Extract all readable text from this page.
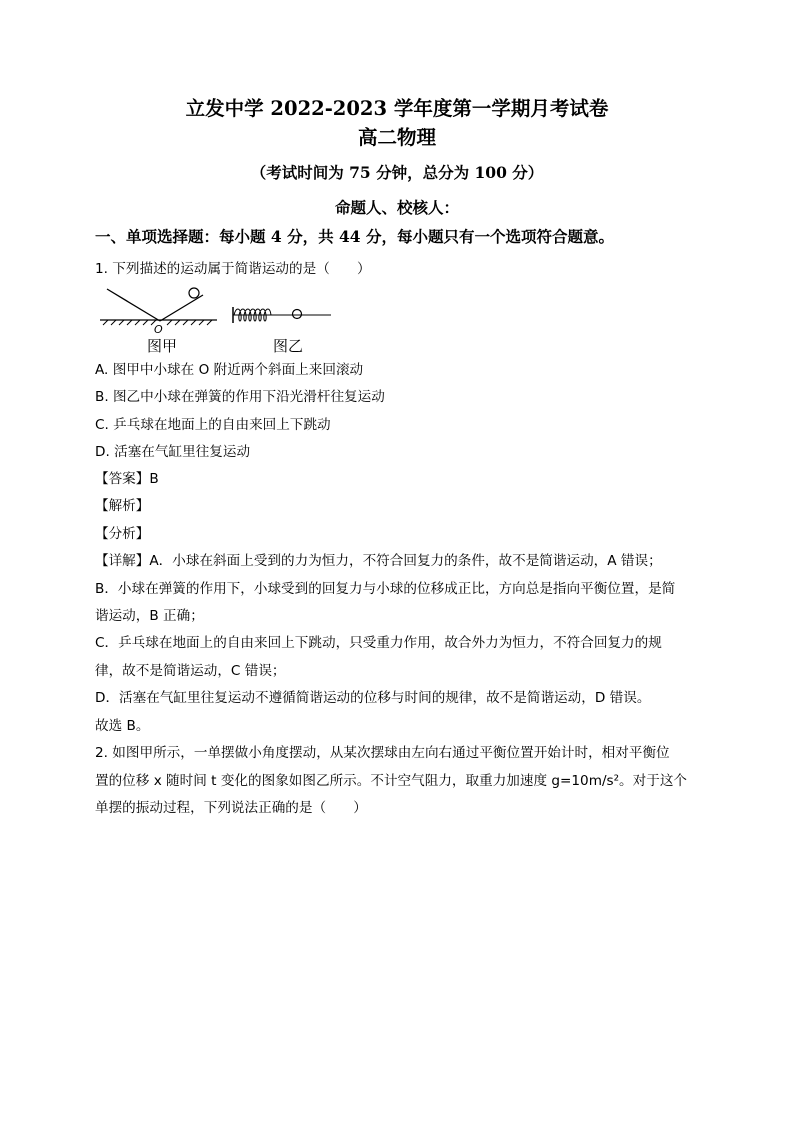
立发中学 2022-2023 学年度第一学期月考试卷
高二物理
（考试时间为 75 分钟，总分为 100 分）
命题人、校核人：
一、单项选择题：每小题 4 分，共 44 分，每小题只有一个选项符合题意。
1. 下列描述的运动属于简谐运动的是（　　）
O
图甲	图乙
A. 图甲中小球在 O 附近两个斜面上来回滚动
B. 图乙中小球在弹簧的作用下沿光滑杆往复运动
C. 乒乓球在地面上的自由来回上下跳动
D. 活塞在气缸里往复运动
【答案】B
【解析】
【分析】
【详解】A．小球在斜面上受到的力为恒力，不符合回复力的条件，故不是简谐运动，A 错误；
B．小球在弹簧的作用下，小球受到的回复力与小球的位移成正比，方向总是指向平衡位置，是简
谐运动，B 正确；
C．乒乓球在地面上的自由来回上下跳动，只受重力作用，故合外力为恒力，不符合回复力的规
律，故不是简谐运动，C 错误；
D．活塞在气缸里往复运动不遵循简谐运动的位移与时间的规律，故不是简谐运动，D 错误。
故选 B。
2. 如图甲所示，一单摆做小角度摆动，从某次摆球由左向右通过平衡位置开始计时，相对平衡位
置的位移 x 随时间 t 变化的图象如图乙所示。不计空气阻力，取重力加速度 g=10m/s²。对于这个
单摆的振动过程，下列说法正确的是（　　）
